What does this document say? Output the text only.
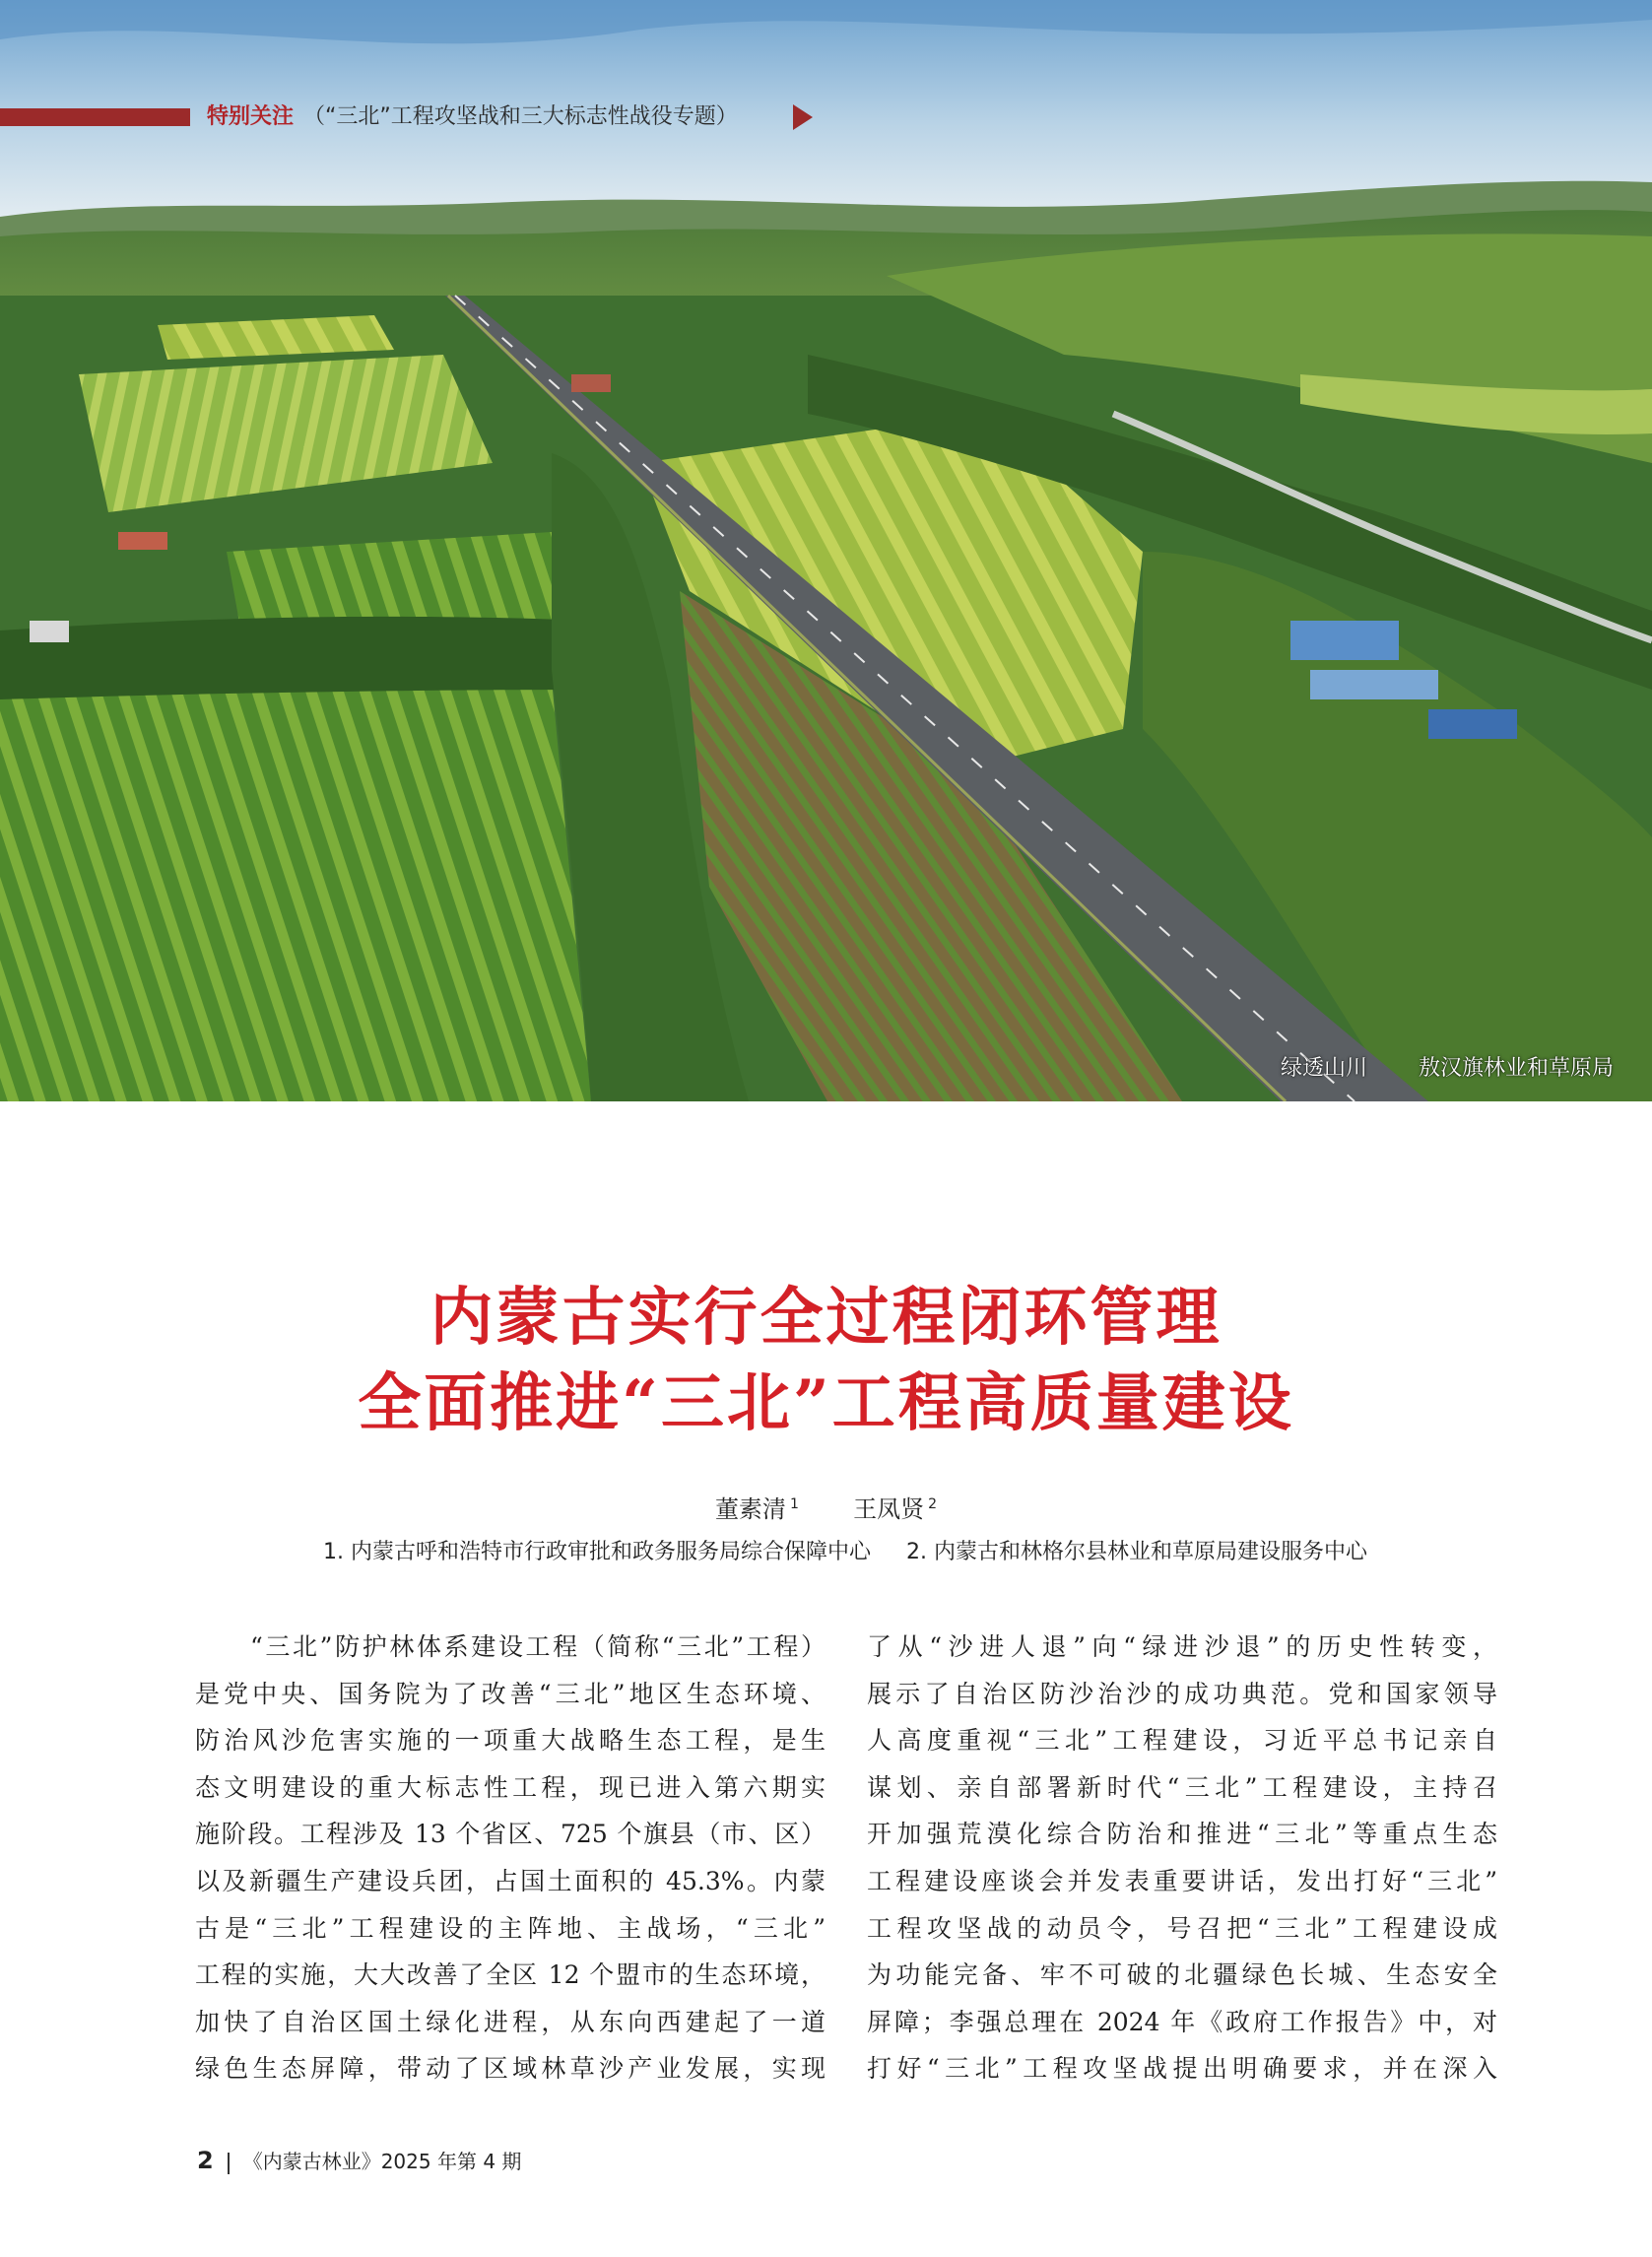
特别关注 （“三北”工程攻坚战和三大标志性战役专题）
绿透山川 敖汉旗林业和草原局
内蒙古实行全过程闭环管理
全面推进“三北”工程高质量建设
董素清 $^1$ 王凤贤 $^2$
1. 内蒙古呼和浩特市行政审批和政务服务局综合保障中心 2. 内蒙古和林格尔县林业和草原局建设服务中心
“三北”防护林体系建设工程（简称“三北”工程）
是党中央、国务院为了改善“三北”地区生态环境、
防治风沙危害实施的一项重大战略生态工程，是生
态文明建设的重大标志性工程，现已进入第六期实
施阶段。工程涉及 13 个省区、725 个旗县（市、区）
以及新疆生产建设兵团，占国土面积的 45.3%。内蒙
古是“三北”工程建设的主阵地、主战场，“三北”
工程的实施，大大改善了全区 12 个盟市的生态环境，
加快了自治区国土绿化进程，从东向西建起了一道
绿色生态屏障，带动了区域林草沙产业发展，实现
了从“沙进人退”向“绿进沙退”的历史性转变，
展示了自治区防沙治沙的成功典范。党和国家领导
人高度重视“三北”工程建设，习近平总书记亲自
谋划、亲自部署新时代“三北”工程建设，主持召
开加强荒漠化综合防治和推进“三北”等重点生态
工程建设座谈会并发表重要讲话，发出打好“三北”
工程攻坚战的动员令，号召把“三北”工程建设成
为功能完备、牢不可破的北疆绿色长城、生态安全
屏障；李强总理在 2024 年《政府工作报告》中，对
打好“三北”工程攻坚战提出明确要求，并在深入
2 《内蒙古林业》2025 年第 4 期
